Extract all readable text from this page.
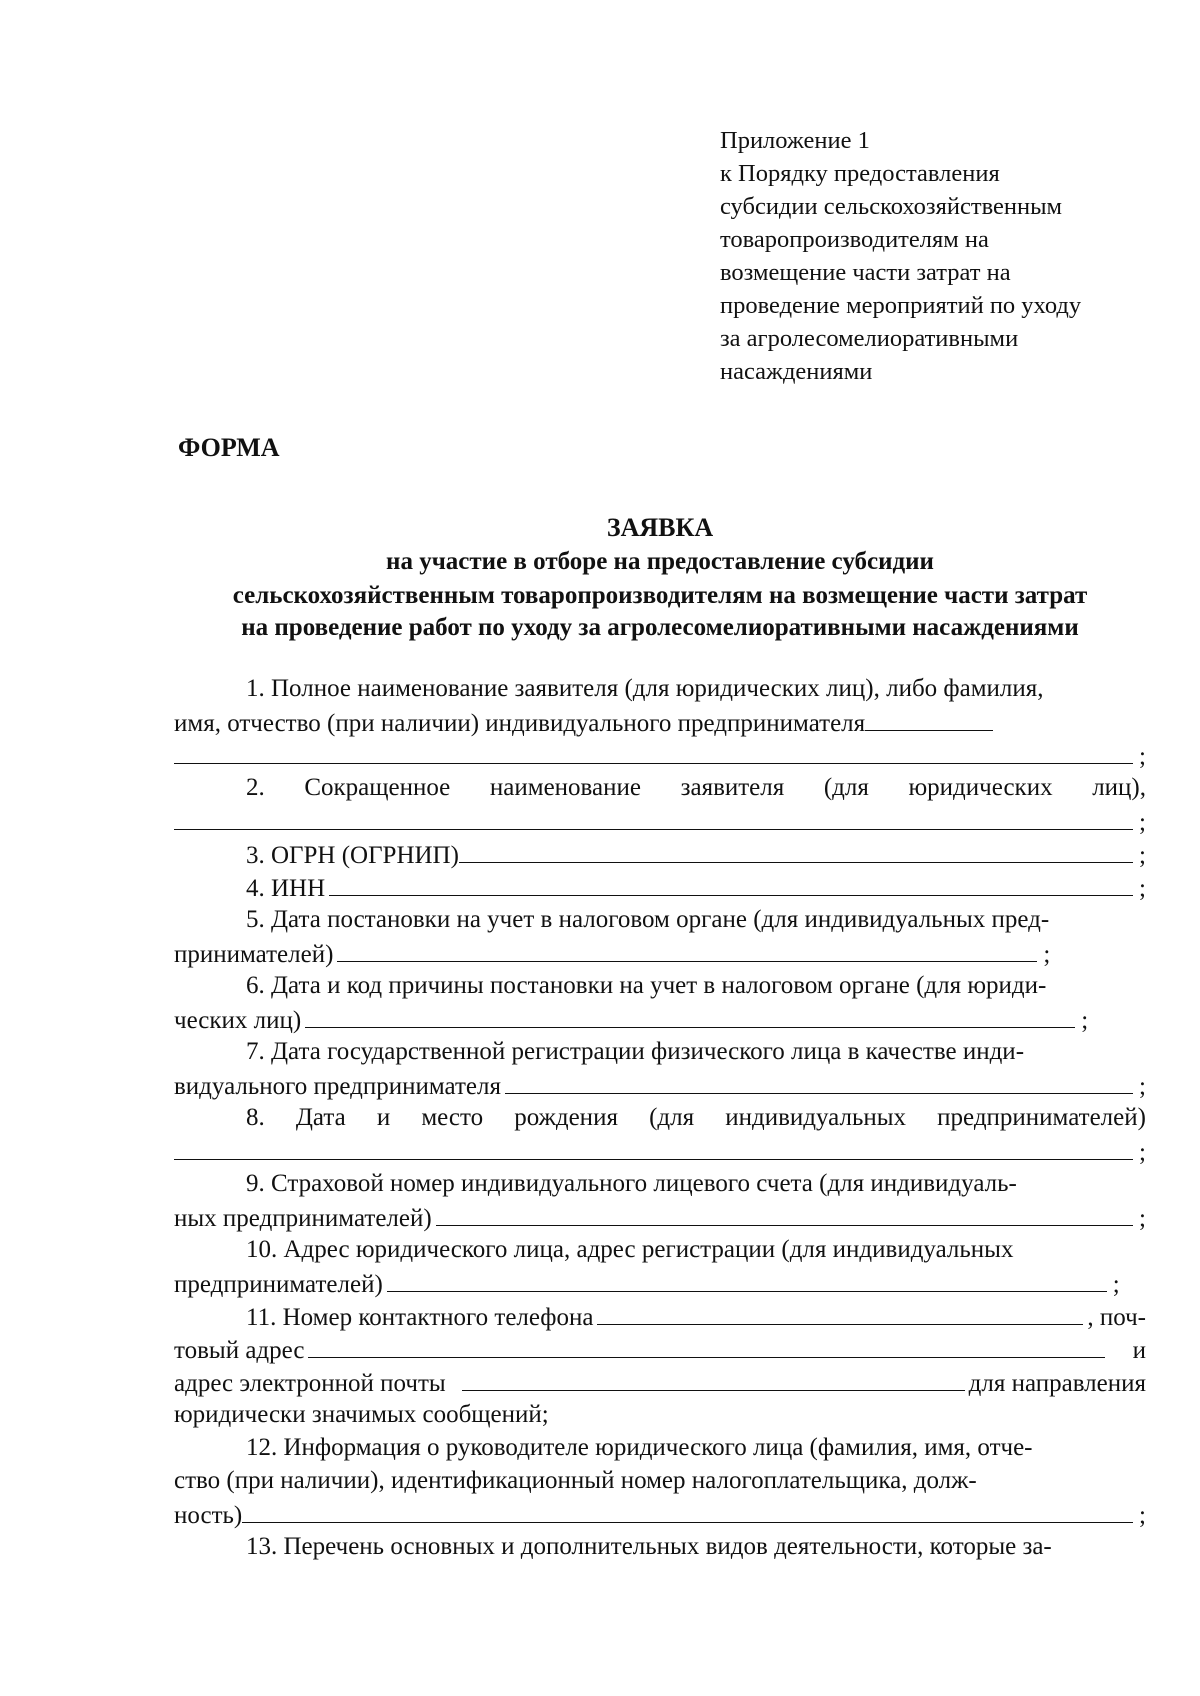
Приложение 1
к Порядку предоставления
субсидии сельскохозяйственным
товаропроизводителям на
возмещение части затрат на
проведение мероприятий по уходу
за агролесомелиоративными
насаждениями
ФОРМА
ЗАЯВКА
на участие в отборе на предоставление субсидии
сельскохозяйственным товаропроизводителям на возмещение части затрат
на проведение работ по уходу за агролесомелиоративными насаждениями
1. Полное наименование заявителя (для юридических лиц), либо фамилия,
имя, отчество (при наличии) индивидуального предпринимателя
;
2. Сокращенное наименование заявителя (для юридических лиц),
;
3. ОГРН (ОГРНИП)	;
4. ИНН	;
5. Дата постановки на учет в налоговом органе (для индивидуальных пред-
принимателей)	;
6. Дата и код причины постановки на учет в налоговом органе (для юриди-
ческих лиц)	;
7. Дата государственной регистрации физического лица в качестве инди-
видуального предпринимателя	;
8. Дата и место рождения (для индивидуальных предпринимателей)
;
9. Страховой номер индивидуального лицевого счета (для индивидуаль-
ных предпринимателей)	;
10. Адрес юридического лица, адрес регистрации (для индивидуальных
предпринимателей)	;
11. Номер контактного телефона	, поч-
товый адрес	и
адрес электронной почты	для направления
юридически значимых сообщений;
12. Информация о руководителе юридического лица (фамилия, имя, отче-
ство (при наличии), идентификационный номер налогоплательщика, долж-
ность)	;
13. Перечень основных и дополнительных видов деятельности, которые за-
